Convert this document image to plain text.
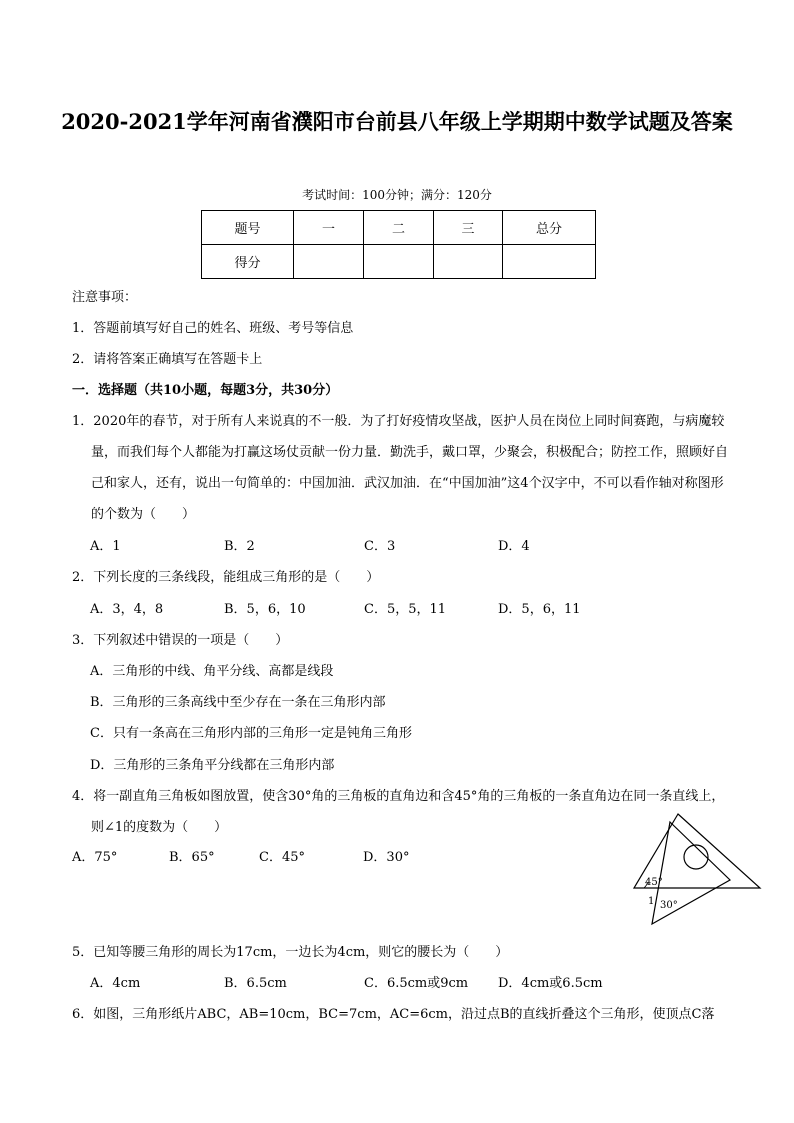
2020-2021学年河南省濮阳市台前县八年级上学期期中数学试题及答案
考试时间：100分钟；满分：120分
题号	一	二	三	总分
得分				
注意事项：
1．答题前填写好自己的姓名、班级、考号等信息
2．请将答案正确填写在答题卡上
一．选择题（共10小题，每题3分，共30分）

1．2020年的春节，对于所有人来说真的不一般．为了打好疫情攻坚战，医护人员在岗位上同时间赛跑，与病魔较量，而我们每个人都能为打赢这场仗贡献一份力量．勤洗手，戴口罩，少聚会，积极配合；防控工作，照顾好自己和家人，还有，说出一句简单的：中国加油．武汉加油．在“中国加油”这4个汉字中，不可以看作轴对称图形的个数为（　　）

A．1	B．2	C．3	D．4
2．下列长度的三条线段，能组成三角形的是（　　）
A．3，4，8	B．5，6，10	C．5，5，11	D．5，6，11
3．下列叙述中错误的一项是（　　）
A．三角形的中线、角平分线、高都是线段
B．三角形的三条高线中至少存在一条在三角形内部
C．只有一条高在三角形内部的三角形一定是钝角三角形
D．三角形的三条角平分线都在三角形内部

4．将一副直角三角板如图放置，使含30°角的三角板的直角边和含45°角的三角板的一条直角边在同一条直线上，则∠1的度数为（　　）

A．75°	B．65°	C．45°	D．30°
45°
1 30°
5．已知等腰三角形的周长为17cm，一边长为4cm，则它的腰长为（　　）
A．4cm	B．6.5cm	C．6.5cm或9cm D．4cm或6.5cm
6．如图，三角形纸片ABC，AB=10cm，BC=7cm，AC=6cm，沿过点B的直线折叠这个三角形，使顶点C落
